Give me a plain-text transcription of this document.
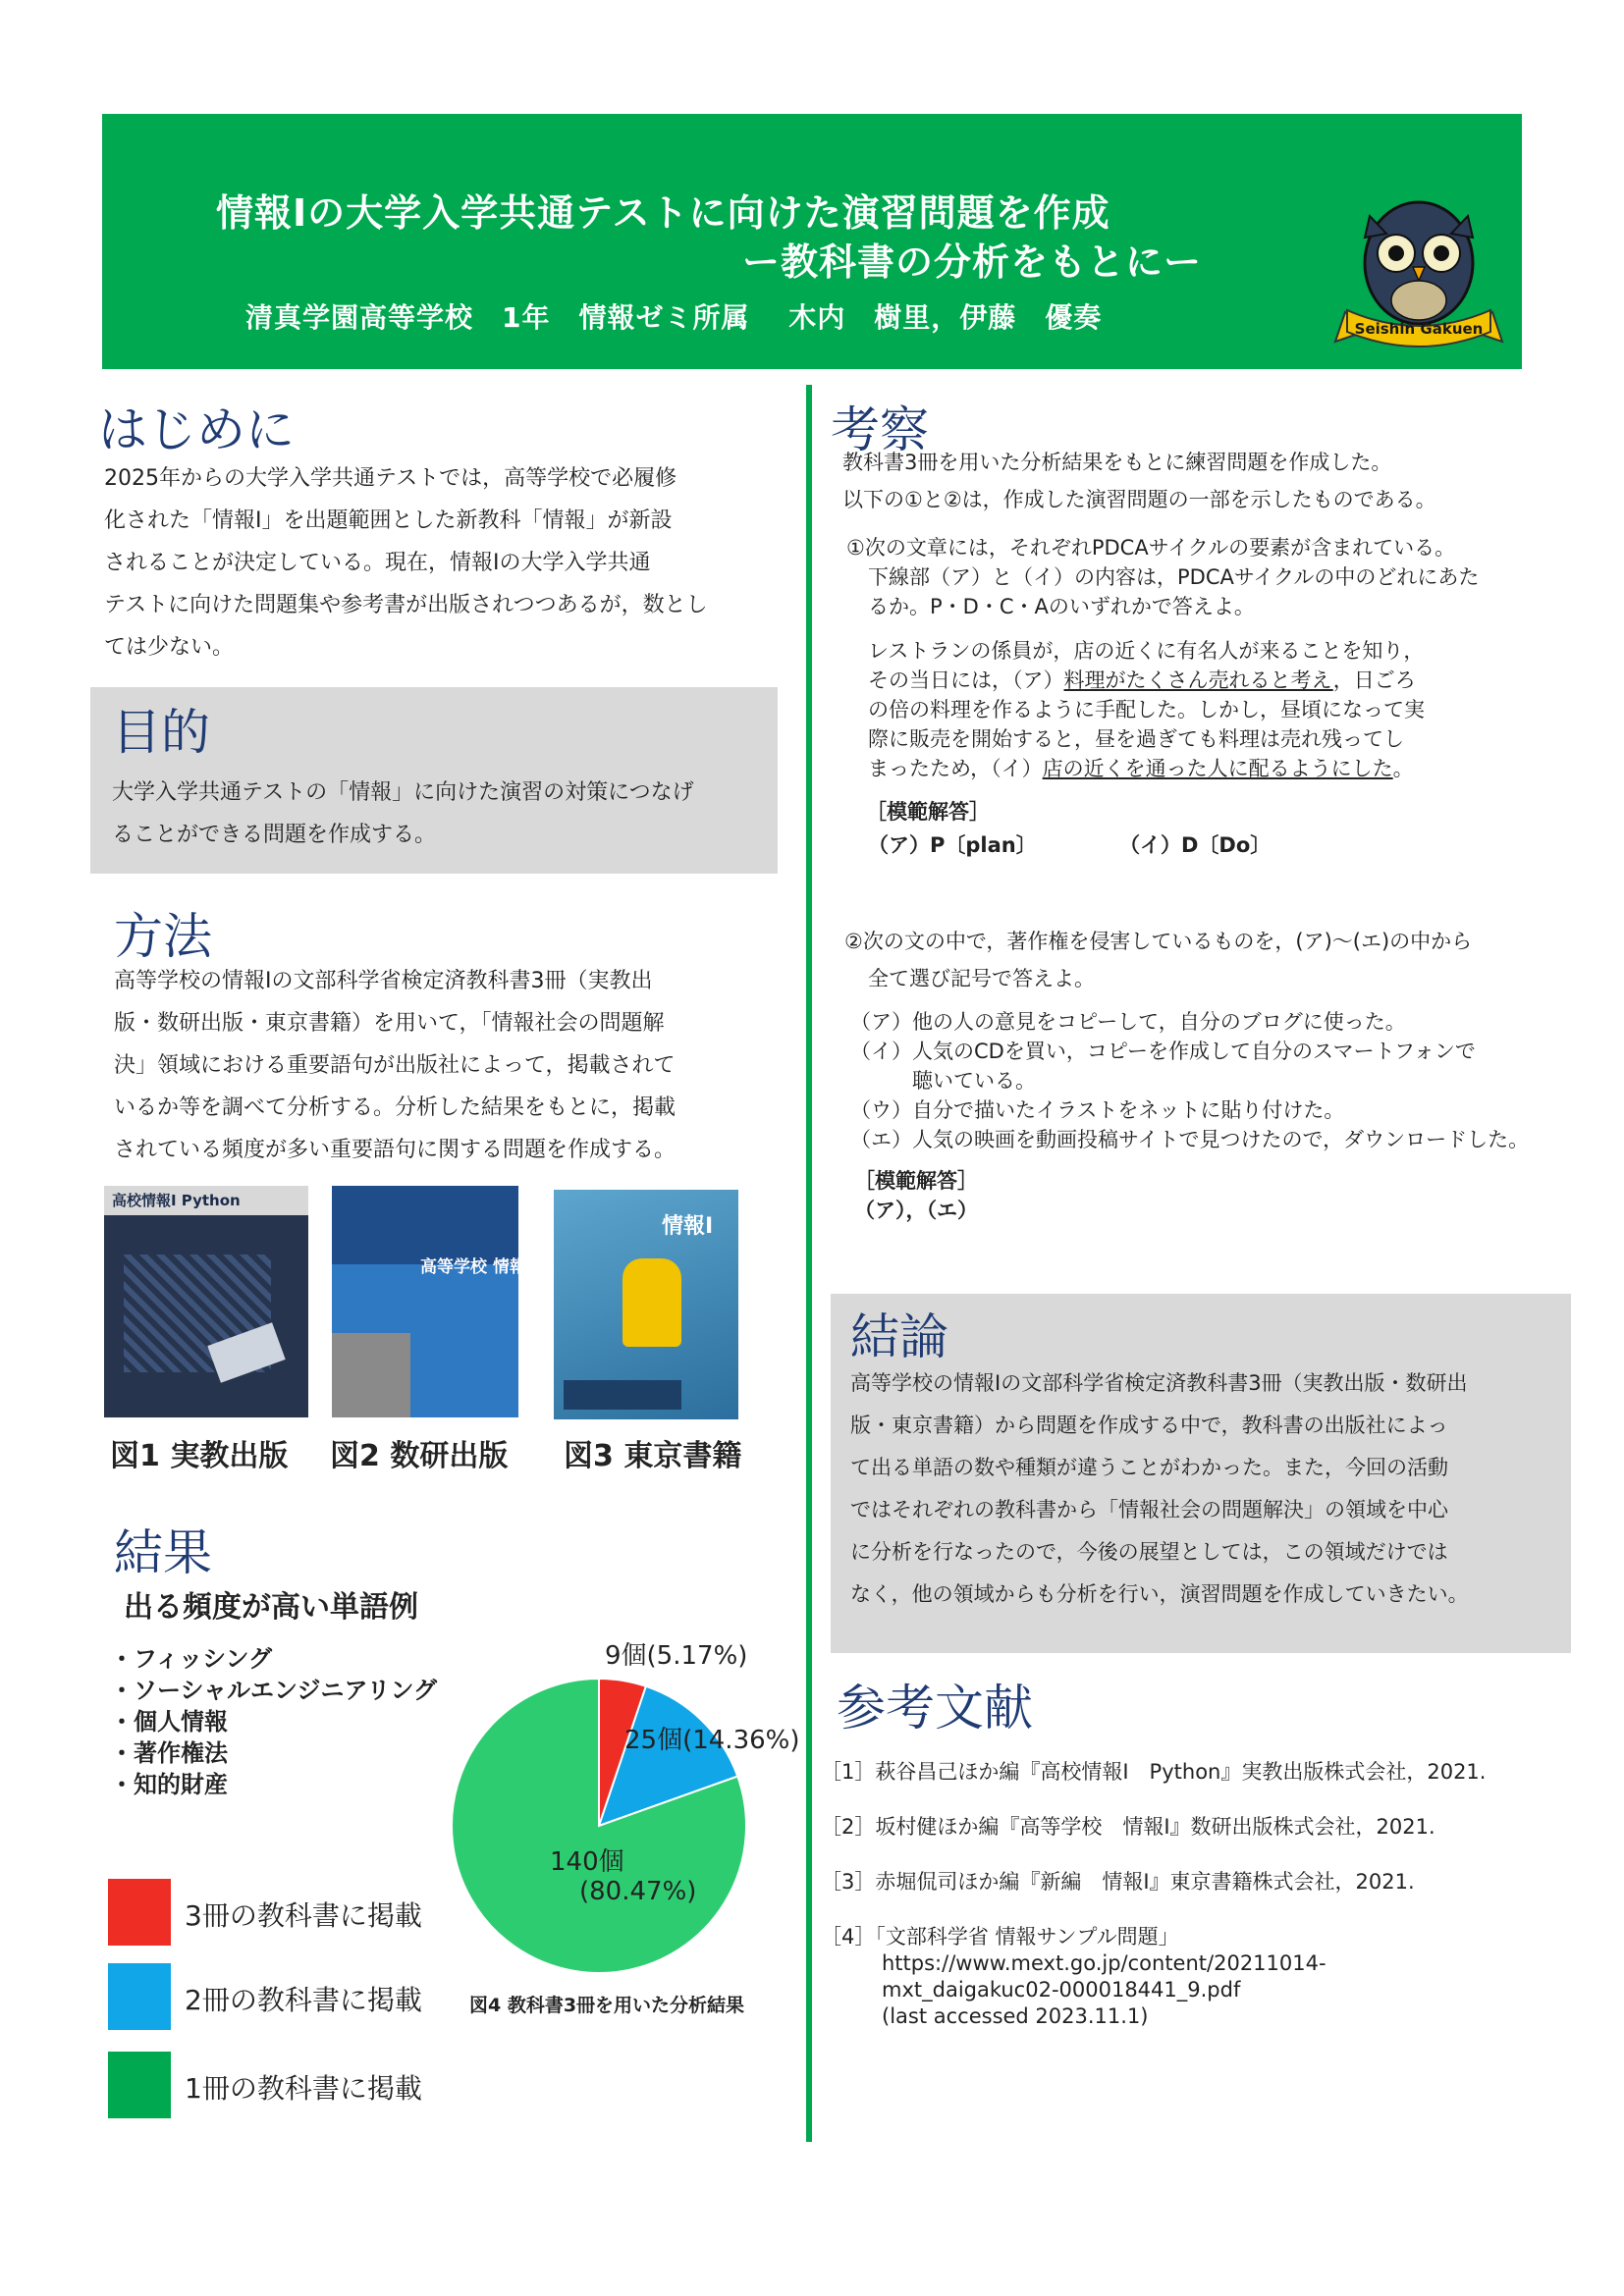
情報Ⅰの大学入学共通テストに向けた演習問題を作成
ー教科書の分析をもとにー
清真学園高等学校　1年　情報ゼミ所属　 木内　樹里，伊藤　優奏	Seishin Gakuen
はじめに
2025年からの大学入学共通テストでは，高等学校で必履修
化された「情報Ⅰ」を出題範囲とした新教科「情報」が新設
されることが決定している。現在，情報Ⅰの大学入学共通
テストに向けた問題集や参考書が出版されつつあるが，数とし
ては少ない。
目的
大学入学共通テストの「情報」に向けた演習の対策につなげ
ることができる問題を作成する。
方法
高等学校の情報Ⅰの文部科学省検定済教科書3冊（実教出
版・数研出版・東京書籍）を用いて，「情報社会の問題解
決」領域における重要語句が出版社によって，掲載されて
いるか等を調べて分析する。分析した結果をもとに，掲載
されている頻度が多い重要語句に関する問題を作成する。
高校情報Ⅰ Python
高等学校 情報Ⅰ
情報Ⅰ
図1 実教出版 図2 数研出版 図3 東京書籍
結果
出る頻度が高い単語例
・フィッシング
・ソーシャルエンジニアリング
・個人情報
・著作権法
・知的財産
9個(5.17%)
25個(14.36%)
140個
(80.47%)
図4 教科書3冊を用いた分析結果
3冊の教科書に掲載
2冊の教科書に掲載
1冊の教科書に掲載
考察
教科書3冊を用いた分析結果をもとに練習問題を作成した。
以下の①と②は，作成した演習問題の一部を示したものである。
①次の文章には，それぞれPDCAサイクルの要素が含まれている。
下線部（ア）と（イ）の内容は，PDCAサイクルの中のどれにあた
るか。P・D・C・Aのいずれかで答えよ。
レストランの係員が，店の近くに有名人が来ることを知り，
その当日には，（ア）料理がたくさん売れると考え，日ごろ
の倍の料理を作るように手配した。しかし，昼頃になって実
際に販売を開始すると，昼を過ぎても料理は売れ残ってし
まったため，（イ）店の近くを通った人に配るようにした。
［模範解答］
（ア）P〔plan〕	（イ）D〔Do〕
②次の文の中で，著作権を侵害しているものを，(ア)～(エ)の中から
全て選び記号で答えよ。
（ア）他の人の意見をコピーして，自分のブログに使った。
（イ）人気のCDを買い，コピーを作成して自分のスマートフォンで
　　　聴いている。
（ウ）自分で描いたイラストをネットに貼り付けた。
（エ）人気の映画を動画投稿サイトで見つけたので，ダウンロードした。
［模範解答］
（ア），（エ）
結論
高等学校の情報Ⅰの文部科学省検定済教科書3冊（実教出版・数研出
版・東京書籍）から問題を作成する中で，教科書の出版社によっ
て出る単語の数や種類が違うことがわかった。また，今回の活動
ではそれぞれの教科書から「情報社会の問題解決」の領域を中心
に分析を行なったので，今後の展望としては，この領域だけでは
なく，他の領域からも分析を行い，演習問題を作成していきたい。
参考文献
［1］萩谷昌己ほか編『高校情報Ⅰ　Python』実教出版株式会社，2021.
［2］坂村健ほか編『高等学校　情報Ⅰ』数研出版株式会社，2021.
［3］赤堀侃司ほか編『新編　情報Ⅰ』東京書籍株式会社，2021.
［4］「文部科学省 情報サンプル問題」
https://www.mext.go.jp/content/20211014-
mxt_daigakuc02-000018441_9.pdf
(last accessed 2023.11.1)
